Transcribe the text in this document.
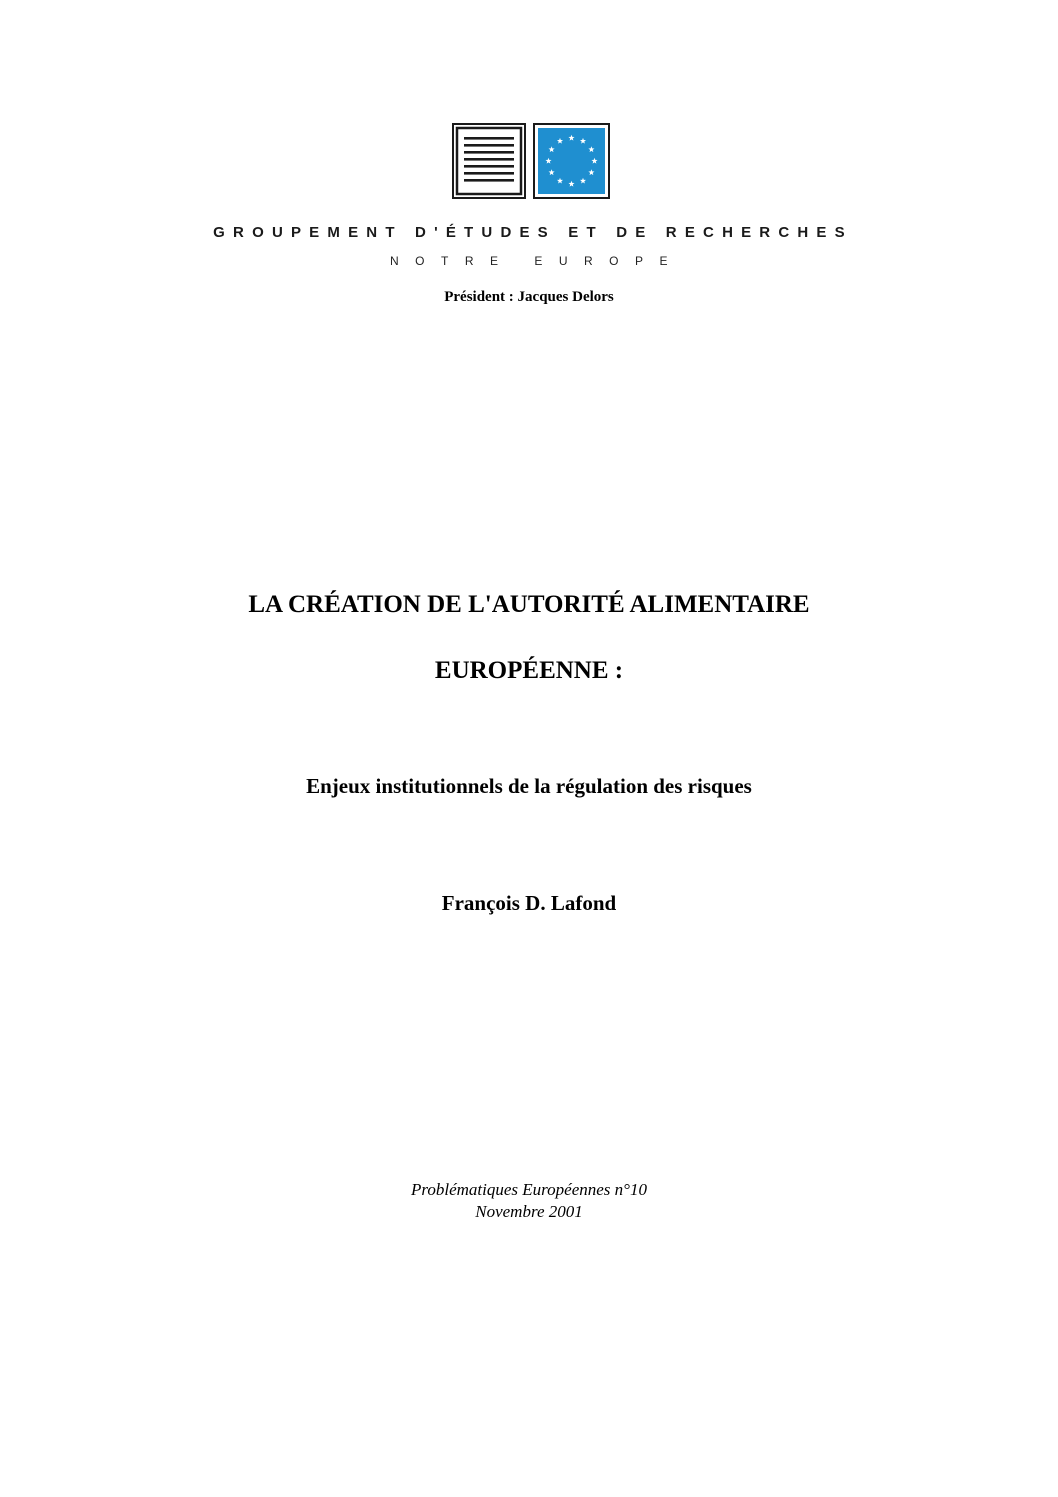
GROUPEMENT D'ÉTUDES ET DE RECHERCHES
NOTRE EUROPE
Président : Jacques Delors
LA CRÉATION DE L'AUTORITÉ ALIMENTAIRE
EUROPÉENNE :
Enjeux institutionnels de la régulation des risques
François D. Lafond
Problématiques Européennes n°10
Novembre 2001
